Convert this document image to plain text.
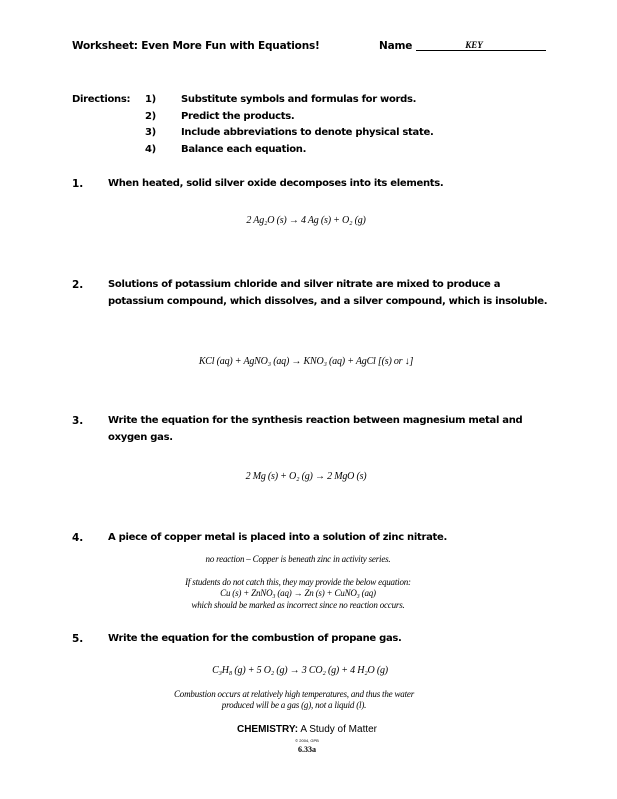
Worksheet: Even More Fun with Equations!	Name	KEY
Directions: 1)	Substitute symbols and formulas for words.
2)	Predict the products.
3)	Include abbreviations to denote physical state.
4)	Balance each equation.
1. When heated, solid silver oxide decomposes into its elements.
2 Ag₂O (s) → 4 Ag (s) + O₂ (g)
2. Solutions of potassium chloride and silver nitrate are mixed to produce a potassium compound, which dissolves, and a silver compound, which is insoluble.
KCl (aq) + AgNO₃ (aq) → KNO₃ (aq) + AgCl [(s) or ↓]
3. Write the equation for the synthesis reaction between magnesium metal and oxygen gas.
2 Mg (s) + O₂ (g) → 2 MgO (s)
4. A piece of copper metal is placed into a solution of zinc nitrate.
no reaction – Copper is beneath zinc in activity series.
If students do not catch this, they may provide the below equation:
Cu (s) + ZnNO₃ (aq) → Zn (s) + CuNO₃ (aq)
which should be marked as incorrect since no reaction occurs.
5. Write the equation for the combustion of propane gas.
C₃H₈ (g) + 5 O₂ (g) → 3 CO₂ (g) + 4 H₂O (g)
Combustion occurs at relatively high temperatures, and thus the water
produced will be a gas (g), not a liquid (l).
CHEMISTRY: A Study of Matter
© 2004, GPB
6.33a
